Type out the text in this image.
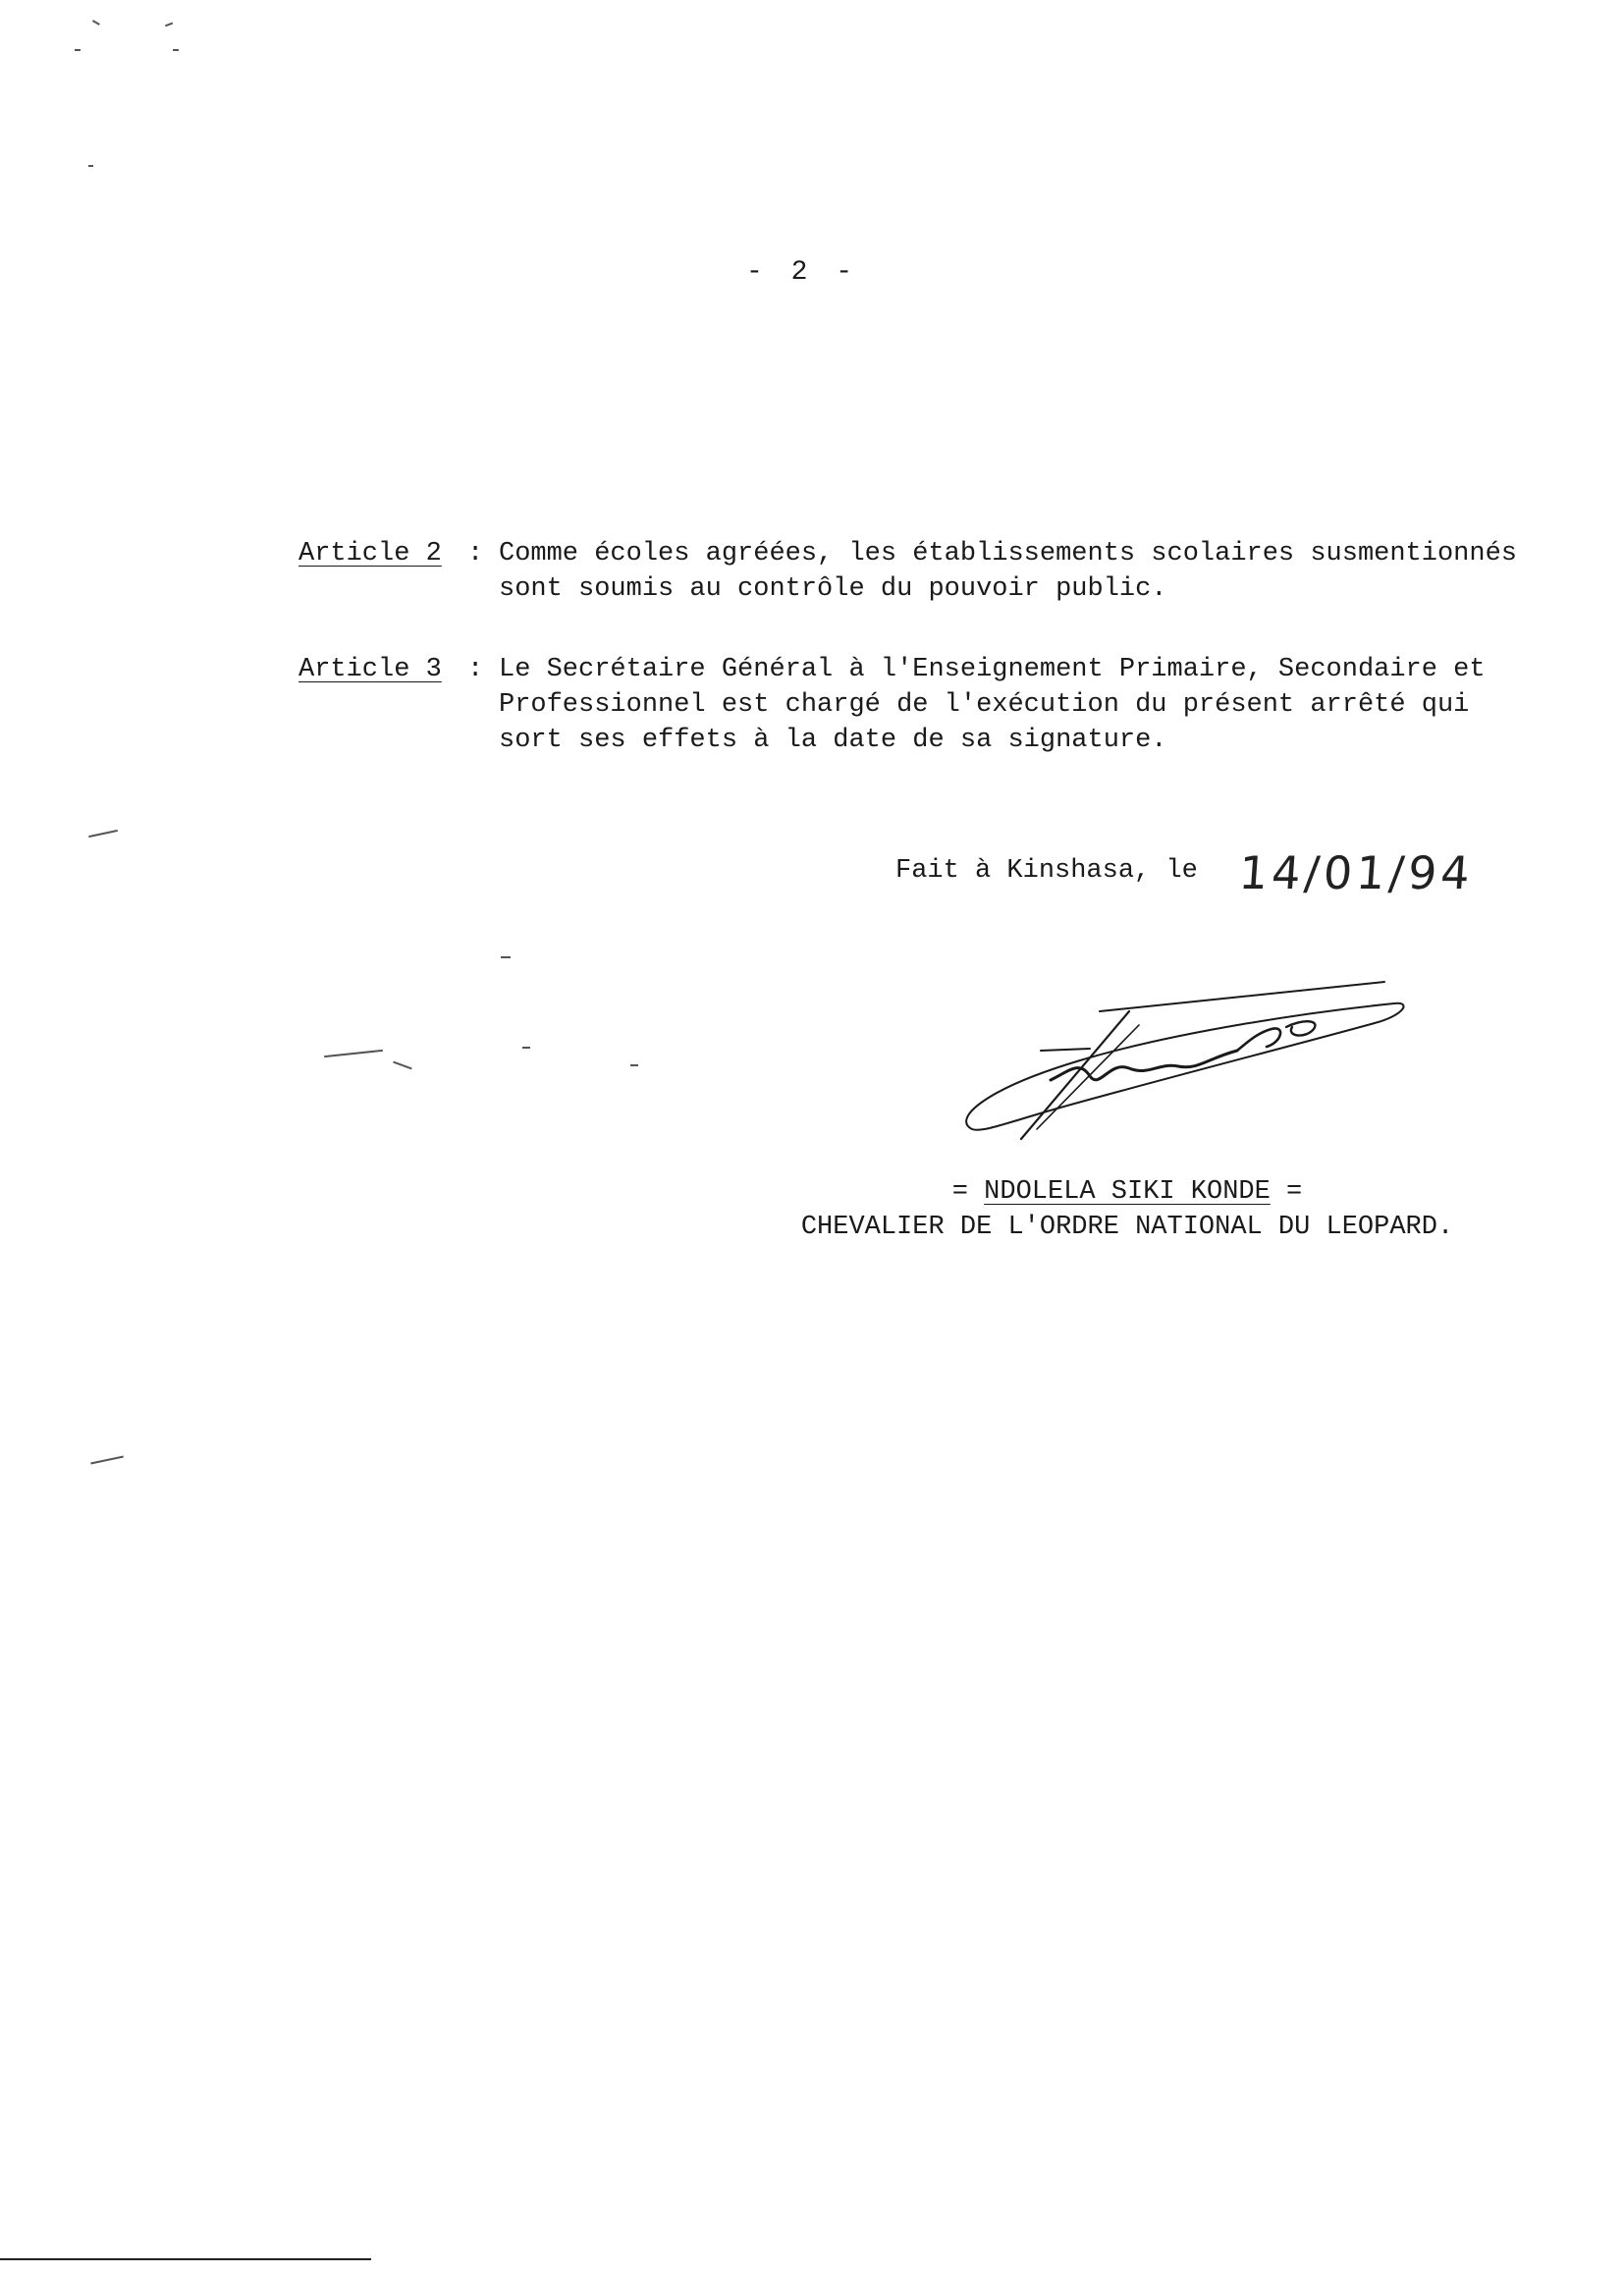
- 2 -
Article 2 : Comme écoles agréées, les établissements scolaires susmentionnés
sont soumis au contrôle du pouvoir public.
Article 3 : Le Secrétaire Général à l'Enseignement Primaire, Secondaire et
Professionnel est chargé de l'exécution du présent arrêté qui
sort ses effets à la date de sa signature.
Fait à Kinshasa, le 14/01/94
= NDOLELA SIKI KONDE =
CHEVALIER DE L'ORDRE NATIONAL DU LEOPARD.
